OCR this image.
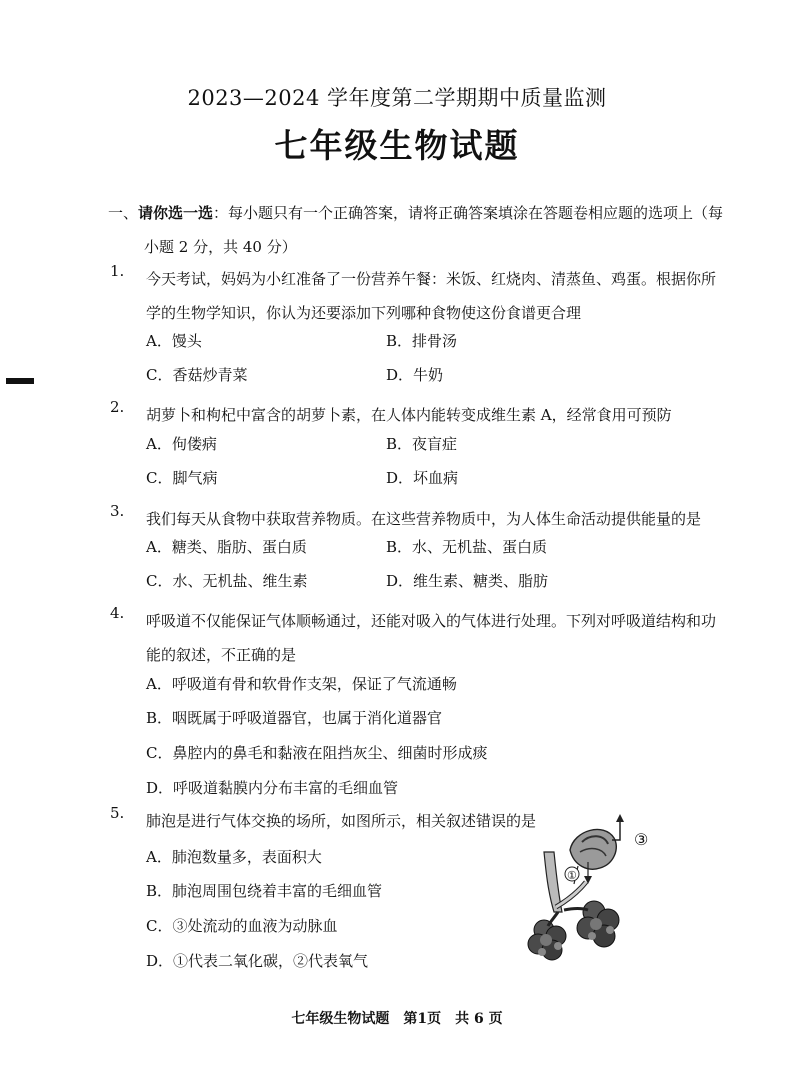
2023—2024 学年度第二学期期中质量监测
七年级生物试题
一、请你选一选：每小题只有一个正确答案，请将正确答案填涂在答题卷相应题的选项上（每
小题 2 分，共 40 分）
1.	今天考试，妈妈为小红准备了一份营养午餐：米饭、红烧肉、清蒸鱼、鸡蛋。根据你所
学的生物学知识，你认为还要添加下列哪种食物使这份食谱更合理
A．馒头	B．排骨汤
C．香菇炒青菜	D．牛奶
2.	胡萝卜和枸杞中富含的胡萝卜素，在人体内能转变成维生素 A，经常食用可预防
A．佝偻病	B．夜盲症
C．脚气病	D．坏血病
3.	我们每天从食物中获取营养物质。在这些营养物质中，为人体生命活动提供能量的是
A．糖类、脂肪、蛋白质	B．水、无机盐、蛋白质
C．水、无机盐、维生素	D．维生素、糖类、脂肪
4.	呼吸道不仅能保证气体顺畅通过，还能对吸入的气体进行处理。下列对呼吸道结构和功
能的叙述，不正确的是
A．呼吸道有骨和软骨作支架，保证了气流通畅
B．咽既属于呼吸道器官，也属于消化道器官
C．鼻腔内的鼻毛和黏液在阻挡灰尘、细菌时形成痰
D．呼吸道黏膜内分布丰富的毛细血管
5.	肺泡是进行气体交换的场所，如图所示，相关叙述错误的是
A．肺泡数量多，表面积大
B．肺泡周围包绕着丰富的毛细血管
C．③处流动的血液为动脉血
D．①代表二氧化碳，②代表氧气
①
③
七年级生物试题　第1页　共 6 页
